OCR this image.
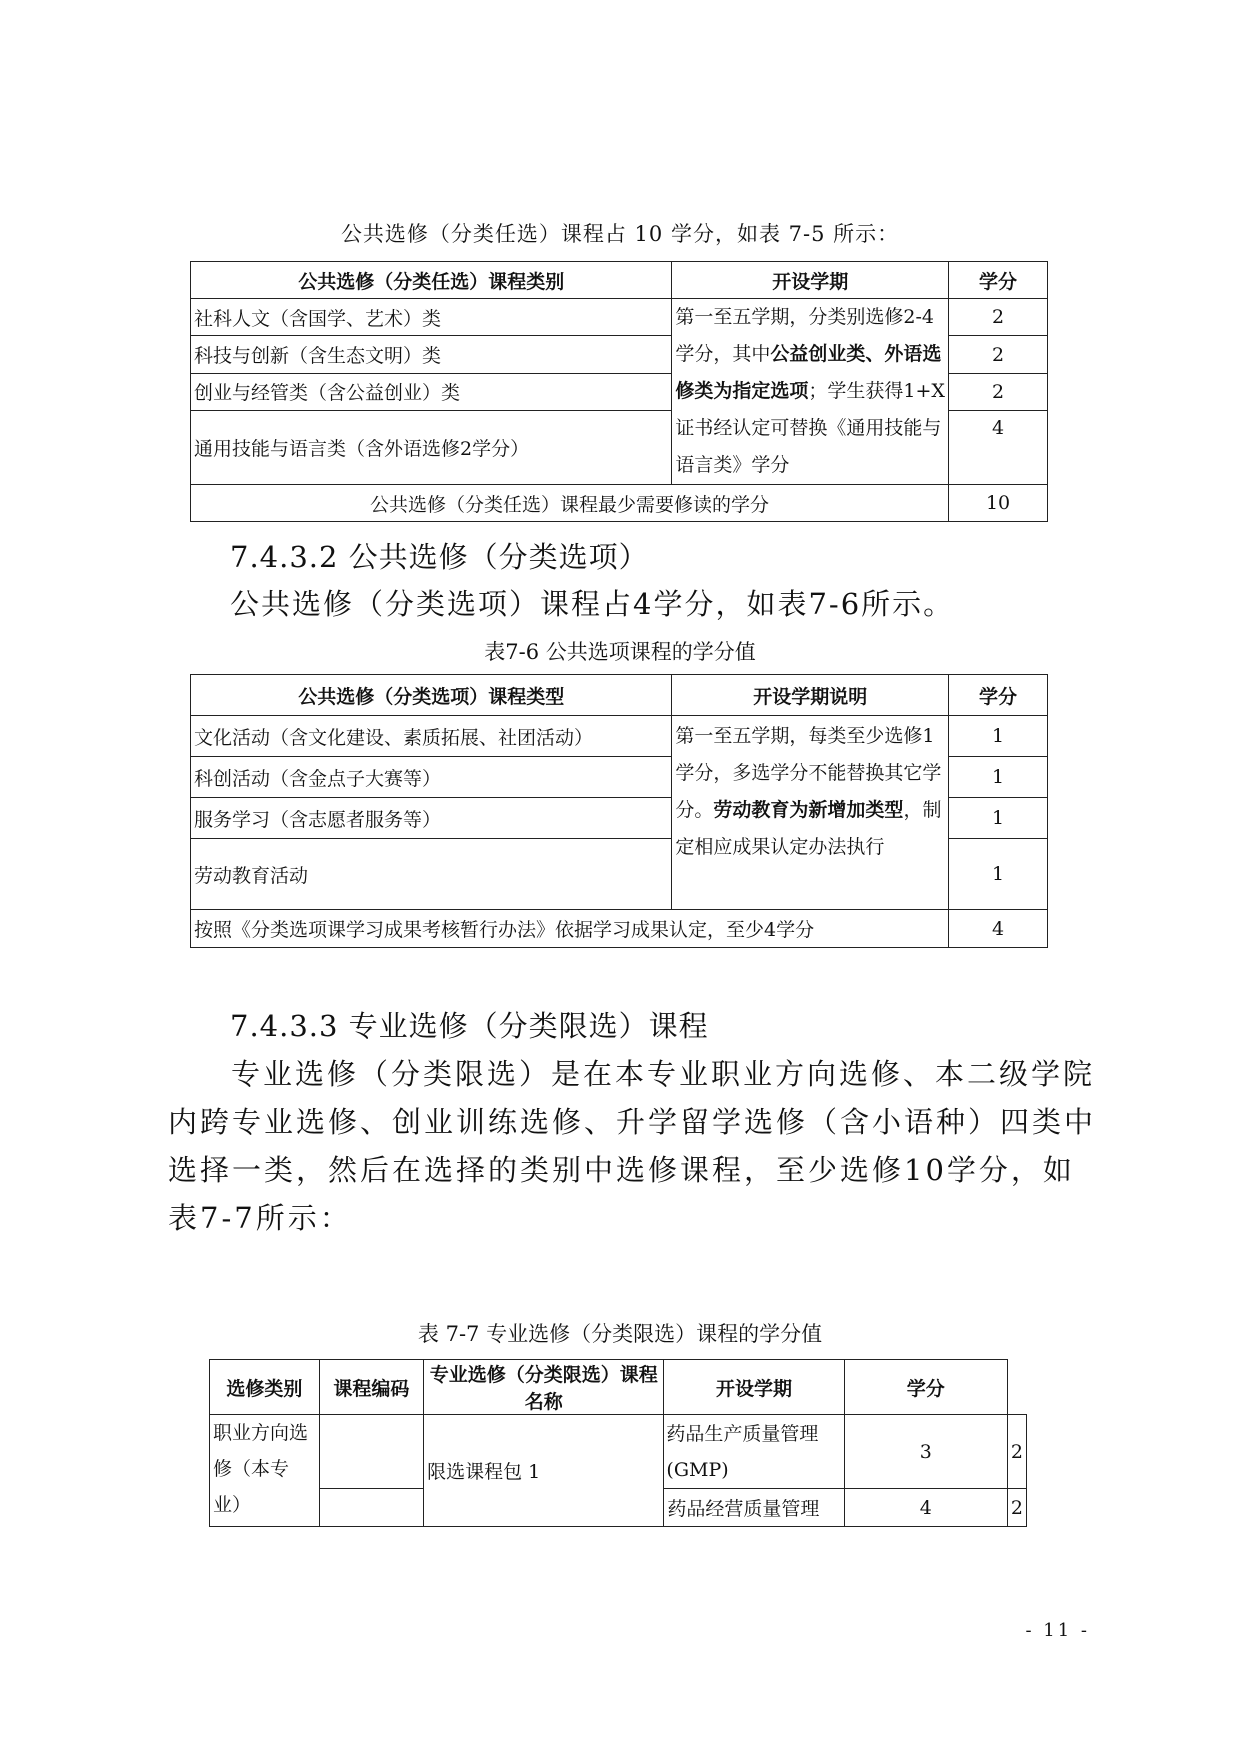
公共选修（分类任选）课程占 10 学分，如表 7-5 所示：
公共选修（分类任选）课程类别	开设学期	学分
社科人文（含国学、艺术）类	第一至五学期，分类别选修2-4学分，其中公益创业类、外语选修类为指定选项；学生获得1+X证书经认定可替换《通用技能与语言类》学分	2
科技与创新（含生态文明）类		2
创业与经管类（含公益创业）类		2
通用技能与语言类（含外语选修2学分）		4
公共选修（分类任选）课程最少需要修读的学分		10
7.4.3.2 公共选修（分类选项）
公共选修（分类选项）课程占4学分，如表7-6所示。
表7-6 公共选项课程的学分值
公共选修（分类选项）课程类型	开设学期说明	学分
文化活动（含文化建设、素质拓展、社团活动）	第一至五学期，每类至少选修1学分，多选学分不能替换其它学分。劳动教育为新增加类型，制定相应成果认定办法执行	1
科创活动（含金点子大赛等）		1
服务学习（含志愿者服务等）		1
劳动教育活动		1
按照《分类选项课学习成果考核暂行办法》依据学习成果认定，至少4学分		4
7.4.3.3 专业选修（分类限选）课程
专业选修（分类限选）是在本专业职业方向选修、本二级学院内跨专业选修、创业训练选修、升学留学选修（含小语种）四类中选择一类，然后在选择的类别中选修课程，至少选修10学分，如表7-7所示：
表 7-7 专业选修（分类限选）课程的学分值
选修类别	课程编码	专业选修（分类限选）课程名称	开设学期	学分	
职业方向选修（本专业）		限选课程包 1	药品生产质量管理(GMP)	3	2
			药品经营质量管理	4	2
- 11 -
